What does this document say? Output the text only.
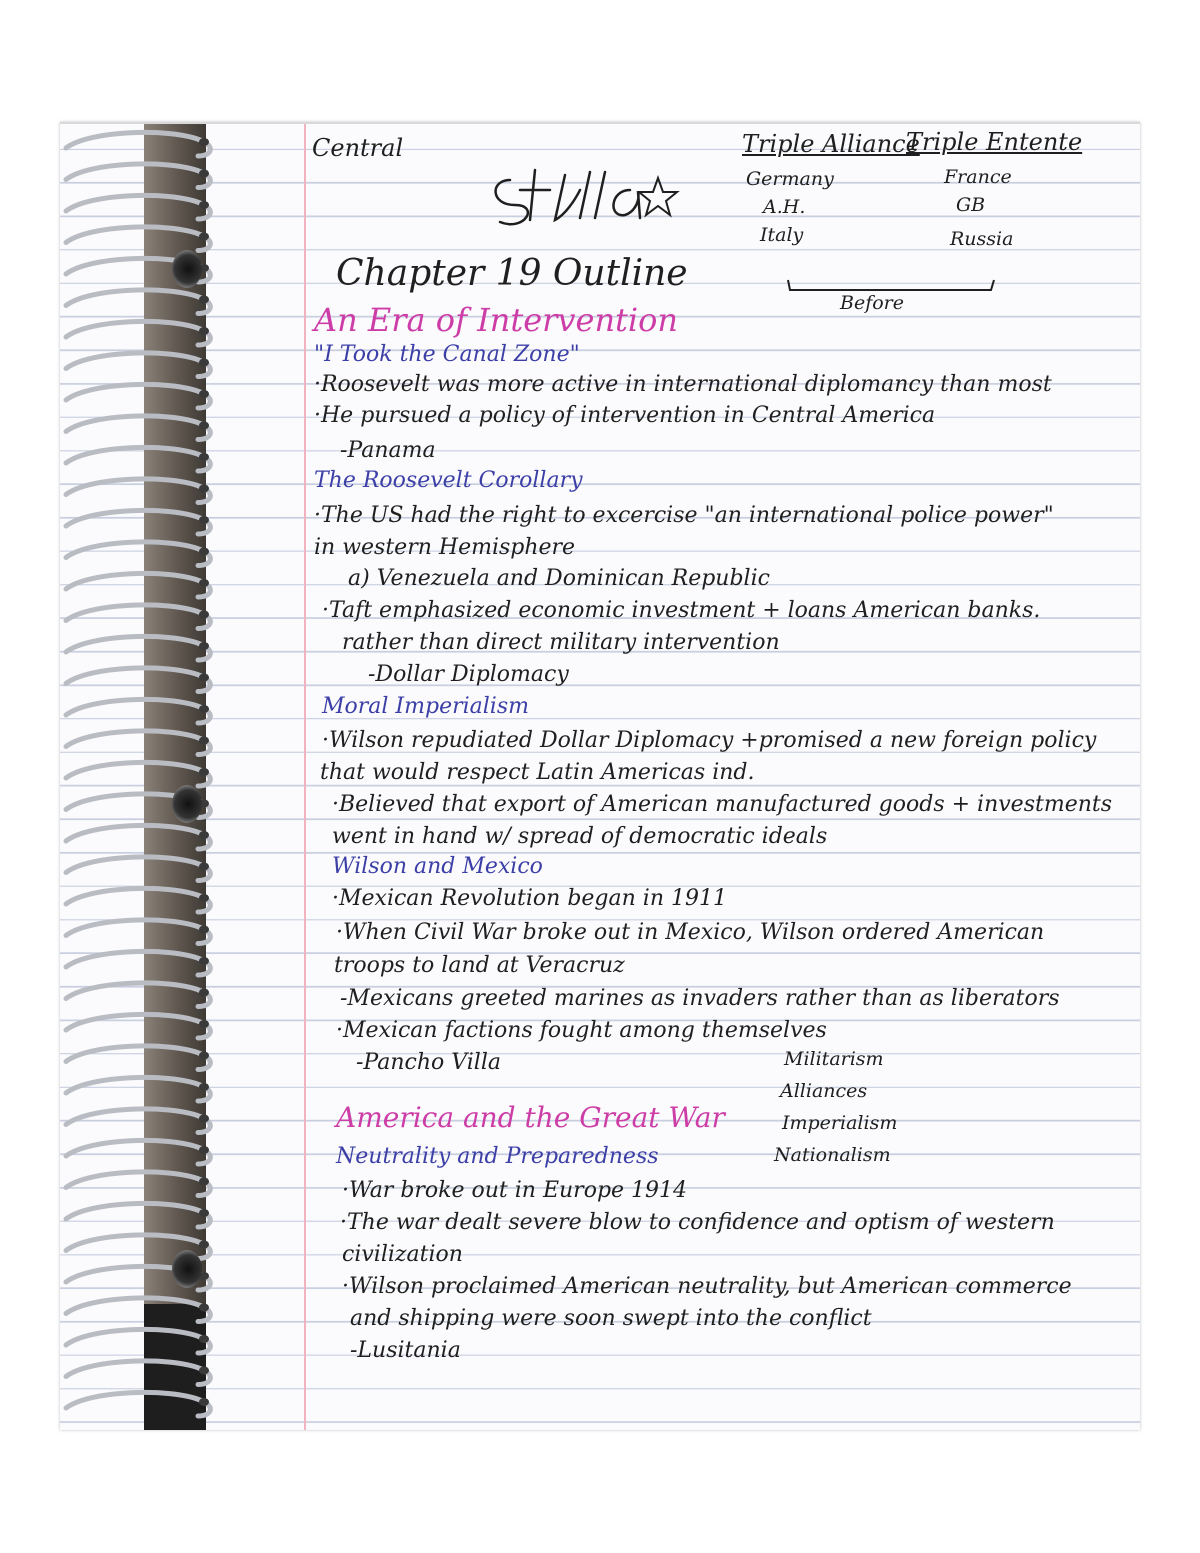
Central	Triple Alliance

Germany

A.H.

Italy

Triple Entente

France

GB

Russia

Before

Chapter 19 Outline

An Era of Intervention

"I Took the Canal Zone"

·Roosevelt was more active in international diplomancy than most

·He pursued a policy of intervention in Central America

-Panama

The Roosevelt Corollary

·The US had the right to excercise "an international police power"

in western Hemisphere

a) Venezuela and Dominican Republic

·Taft emphasized economic investment + loans American banks.

rather than direct military intervention

-Dollar Diplomacy

Moral Imperialism

·Wilson repudiated Dollar Diplomacy +promised a new foreign policy

that would respect Latin Americas ind.

·Believed that export of American manufactured goods + investments

went in hand w/ spread of democratic ideals

Wilson and Mexico

·Mexican Revolution began in 1911

·When Civil War broke out in Mexico, Wilson ordered American

troops to land at Veracruz

-Mexicans greeted marines as invaders rather than as liberators

·Mexican factions fought among themselves

-Pancho Villa

America and the Great War

Neutrality and Preparedness

·War broke out in Europe 1914

·The war dealt severe blow to confidence and optism of western

civilization

·Wilson proclaimed American neutrality, but American commerce

and shipping were soon swept into the conflict

-Lusitania

Militarism

Alliances

Imperialism

Nationalism
